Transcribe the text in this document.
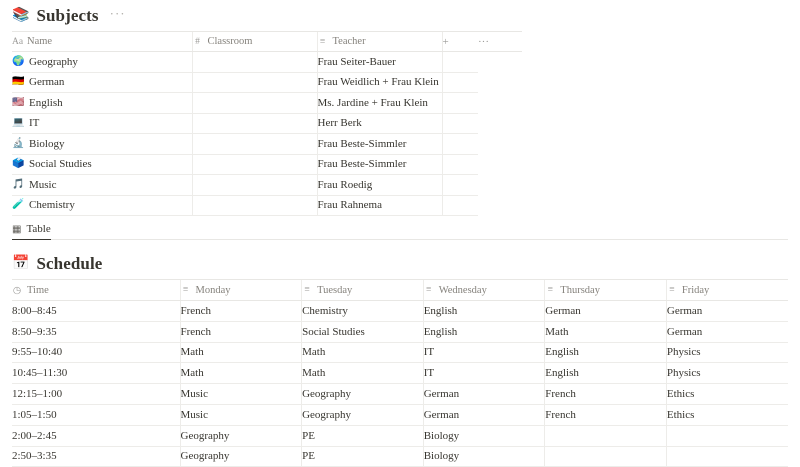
📚 Subjects ···
Aa Name	# Classroom	≡ Teacher	+	···

🌍 Geography		Frau Seiter-Bauer		

🇩🇪 German		Frau Weidlich + Frau Klein		

🇺🇸 English		Ms. Jardine + Frau Klein		

💻 IT		Herr Berk		

🔬 Biology		Frau Beste-Simmler		

🗳️ Social Studies		Frau Beste-Simmler		

🎵 Music		Frau Roedig		

🧪 Chemistry		Frau Rahnema		
▦ Table
📅 Schedule
◷ Time	≡ Monday	≡ Tuesday	≡ Wednesday	≡ Thursday	≡ Friday

8:00–8:45	French	Chemistry	English	German	German
8:50–9:35	French	Social Studies	English	Math	German
9:55–10:40	Math	Math	IT	English	Physics
10:45–11:30	Math	Math	IT	English	Physics
12:15–1:00	Music	Geography	German	French	Ethics
1:05–1:50	Music	Geography	German	French	Ethics
2:00–2:45	Geography	PE	Biology		
2:50–3:35	Geography	PE	Biology		
